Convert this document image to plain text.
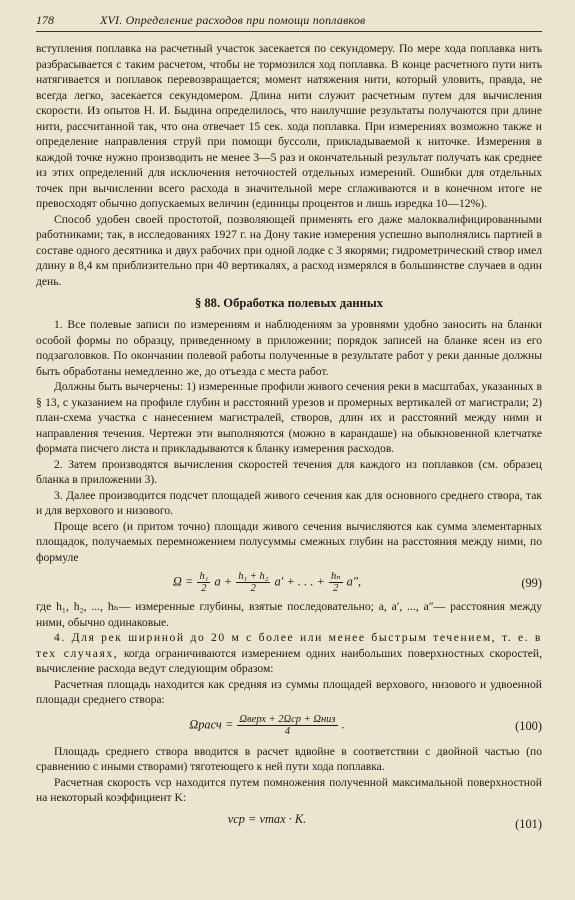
178	XVI. Определение расходов при помощи поплавков

вступления поплавка на расчетный участок засекается по секундомеру. По мере хода поплавка нить разбрасывается с таким расчетом, чтобы не тормозился ход поплавка. В конце расчетного пути нить натягивается и поплавок перевозвращается; момент натяжения нити, который уловить, правда, не всегда легко, засекается секундомером. Длина нити служит расчетным путем для вычисления скорости. Из опытов Н. И. Быдина определилось, что наилучшие результаты получаются при длине нити, рассчитанной так, что она отвечает 15 сек. хода поплавка. При измерениях возможно также и определение направления струй при помощи буссоли, прикладываемой к ниточке. Измерения в каждой точке нужно производить не менее 3—5 раз и окончательный результат получать как среднее из этих определений для исключения неточностей отдельных измерений. Ошибки для отдельных точек при вычислении всего расхода в значительной мере сглаживаются и в конечном итоге не превосходят обычно допускаемых величин (единицы процентов и лишь изредка 10—12%).

Способ удобен своей простотой, позволяющей применять его даже малоквалифицированными работниками; так, в исследованиях 1927 г. на Дону такие измерения успешно выполнялись партией в составе одного десятника и двух рабочих при одной лодке с 3 якорями; гидрометрический створ имел длину в 8,4 км приблизительно при 40 вертикалях, а расход измерялся в большинстве случаев в один день.

§ 88. Обработка полевых данных

1. Все полевые записи по измерениям и наблюдениям за уровнями удобно заносить на бланки особой формы по образцу, приведенному в приложении; порядок записей на бланке ясен из его подзаголовков. По окончании полевой работы полученные в результате работ у реки данные должны быть обработаны немедленно же, до отъезда с места работ.

Должны быть вычерчены: 1) измеренные профили живого сечения реки в масштабах, указанных в § 13, с указанием на профиле глубин и расстояний урезов и промерных вертикалей от магистрали; 2) план-схема участка с нанесением магистралей, створов, длин их и расстояний между ними и направления течения. Чертежи эти выполняются (можно в карандаше) на обыкновенной клетчатке формата писчего листа и прикладываются к бланку измерения расходов.

2. Затем производятся вычисления скоростей течения для каждого из поплавков (см. образец бланка в приложении 3).

3. Далее производится подсчет площадей живого сечения как для основного среднего створа, так и для верхового и низового.

Проще всего (и притом точно) площади живого сечения вычисляются как сумма элементарных площадок, получаемых перемножением полусуммы смежных глубин на расстояния между ними, по формуле

$\Omega = \frac{\text{h₁}}{2}$ $a + \frac{\text{h₁ + h₂}}{2} a'$ + . . . + $\frac{\text{hₙ}}{2} a''$,	(99)

где h₁, h₂, ..., hₙ— измеренные глубины, взятые последовательно; a, a′, ..., a″— расстояния между ними, обычно одинаковые.

4. Для рек шириной до 20 м с более или менее быстрым течением, т. е. в тех случаях, когда ограничиваются измерением одних наибольших поверхностных скоростей, вычисление расхода ведут следующим образом:

Расчетная площадь находится как средняя из суммы площадей верхового, низового и удвоенной площади среднего створа:

Ωрасч = $\frac{\text{Ωверх + 2Ωср + Ωниз}}{4}$ .	(100)

Площадь среднего створа вводится в расчет вдвойне в соответствии с двойной частью (по сравнению с иными створами) тяготеющего к ней пути хода поплавка.

Расчетная скорость vср находится путем помножения полученной максимальной поверхностной на некоторый коэффициент K:

vср = vmax · K.	(101)
